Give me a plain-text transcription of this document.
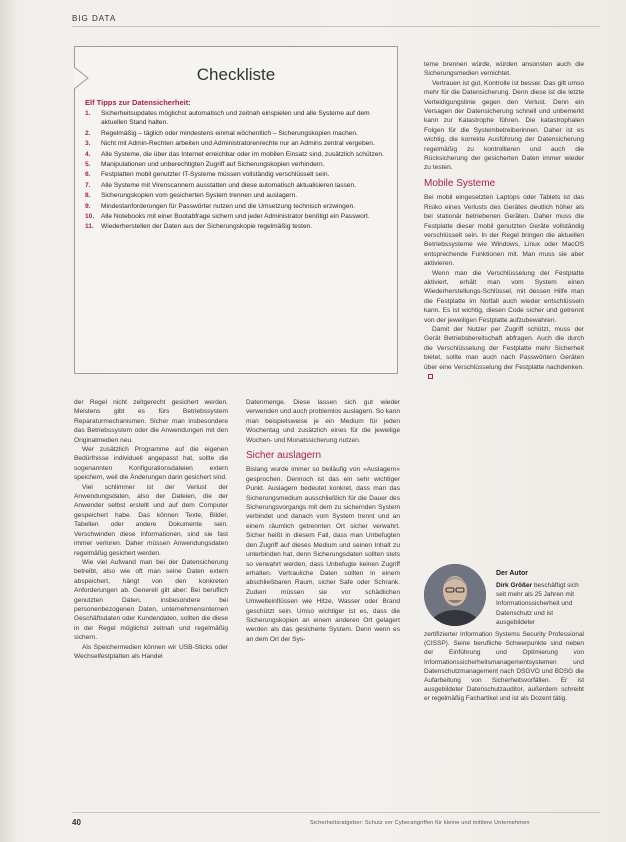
BIG DATA
Checkliste
Elf Tipps zur Datensicherheit:
1.	Sicherheitsupdates möglichst automatisch und zeitnah einspielen und alle Systeme auf dem aktuellen Stand halten.
2.	Regelmäßig – täglich oder mindestens einmal wöchentlich – Sicherungskopien machen.
3.	Nicht mit Admin-Rechten arbeiten und Administratorenrechte nur an Admins zentral vergeben.
4.	Alle Systeme, die über das Internet erreichbar oder im mobilen Einsatz sind, zusätzlich schützen.
5.	Manipulationen und unberechtigten Zugriff auf Sicherungskopien verhindern.
6.	Festplatten mobil genutzter IT-Systeme müssen vollständig verschlüsselt sein.
7.	Alle Systeme mit Virenscannern ausstatten und diese automatisch aktualisieren lassen.
8.	Sicherungskopien vom gesicherten System trennen und auslagern.
9.	Mindestanforderungen für Passwörter nutzen und die Umsetzung technisch erzwingen.
10.	Alle Notebooks mit einer Bootabfrage sichern und jeder Administrator benötigt ein Passwort.
11.	Wiederherstellen der Daten aus der Sicherungskopie regelmäßig testen.

der Regel nicht zeitgerecht gesichert werden. Meistens gibt es fürs Betriebssystem Reparaturmechanismen. Sicher man insbesondere das Betriebssystem oder die Anwendungen mit den Originalmedien neu.

Wer zusätzlich Programme auf die eigenen Bedürfnisse individuell angepasst hat, sollte die sogenannten Konfigurationsdateien extern speichern, weil die Änderungen darin gesichert sind.

Viel schlimmer ist der Verlust der Anwendungsdaten, also der Dateien, die der Anwender selbst erstellt und auf dem Computer gespeichert habe. Das können Texte, Bilder, Tabellen oder andere Dokumente sein. Verschwinden diese Informationen, sind sie fast immer verloren. Daher müssen Anwendungsdaten regelmäßig gesichert werden.

Wie viel Aufwand man bei der Datensicherung betreibt, also wie oft man seine Daten extern abspeichert, hängt von den konkreten Anforderungen ab. Generell gilt aber: Bei beruflich genutzten Daten, insbesondere bei personenbezogenen Daten, unternehmensinternen Geschäftsdaten oder Kundendaten, sollten die diese in der Regel möglichst zeitnah und regelmäßig sichern.

Als Speichermedien können wir USB-Sticks oder Wechselfestplatten als Handel

Datenmenge. Diese lassen sich gut wieder verwenden und auch problemlos auslagern. So kann man beispielsweise je ein Medium für jeden Wochentag und zusätzlich eines für die jeweilige Wochen- und Monatssicherung nutzen.

Sicher auslagern

Bislang wurde immer so beiläufig von »Auslagern« gesprochen. Dennoch ist das ein sehr wichtiger Punkt. Auslagern bedeutet konkret, dass man das Sicherungsmedium ausschließlich für die Dauer des Sicherungsvorgangs mit dem zu sichernden System verbindet und danach vom System trennt und an einem räumlich getrennten Ort sicher verwahrt. Sicher heißt in diesem Fall, dass man Unbefugten den Zugriff auf dieses Medium und seinen Inhalt zu unterbinden hat, denn Sicherungsdaten sollten stets so verwahrt werden, dass Unbefugte keinen Zugriff erhalten. Vertrauliche Daten sollten in einem abschließbaren Raum, sicher Safe oder Schrank. Zudem müssen sie vor schädlichen Umwelteinflüssen wie Hitze, Wasser oder Brand geschützt sein. Umso wichtiger ist es, dass die Sicherungskopien an einem anderen Ort gelagert werden als das gesicherte System. Denn wenn es an dem Ort der Sys-

teme brennen würde, würden ansonsten auch die Sicherungsmedien vernichtet.

Vertrauen ist gut, Kontrolle ist besser. Das gilt umso mehr für die Datensicherung. Denn diese ist die letzte Verteidigungslinie gegen den Verlust. Denn ein Versagen der Datensicherung schnell und unbemerkt kann zur Katastrophe führen. Die katastrophalen Folgen für die Systembetreiberinnen. Daher ist es wichtig, die korrekte Ausführung der Datensicherung regelmäßig zu kontrollieren und auch die Rücksicherung der gesicherten Daten immer wieder zu testen.

Mobile Systeme

Bei mobil eingesetzten Laptops oder Tablets ist das Risiko eines Verlusts des Gerätes deutlich höher als bei stationär betriebenen Geräten. Daher muss die Festplatte dieser mobil genutzten Geräte vollständig verschlüsselt sein. In der Regel bringen die aktuellen Betriebssysteme wie Windows, Linux oder MacOS entsprechende Funktionen mit. Man muss sie aber aktivieren.

Wenn man die Verschlüsselung der Festplatte aktiviert, erhält man vom System einen Wiederherstellungs-Schlüssel, mit dessen Hilfe man die Festplatte im Notfall auch wieder entschlüsseln kann. Es ist wichtig, diesen Code sicher und getrennt von der jeweiligen Festplatte aufzubewahren.

Damit der Nutzer per Zugriff schützt, muss der Gerät Betriebsbereitschaft abfragen. Auch die durch die Verschlüsselung der Festplatte mehr Sicherheit bietet, sollte man auch nach Passwörtern Geräten über eine Verschlüsselung der Festplatte nachdenken.

Der Autor
Dirk Größer beschäftigt sich seit mehr als 25 Jahren mit Informationssicherheit und Datenschutz und ist ausgebildeter
zertifizierter Information Systems Security Professional (CISSP). Seine berufliche Schwerpunkte sind neben der Einführung und Optimierung von Informationssicherheitsmanagementsystemen und Datenschutzmanagement nach DSGVO und BDSG die Aufarbeitung von Sicherheitsvorfällen. Er ist ausgebildeter Datenschutzauditor, außerdem schreibt er regelmäßig Fachartikel und ist als Dozent tätig.
40	Sicherheitsratgeber: Schutz vor Cyberangriffen für kleine und mittlere Unternehmen
